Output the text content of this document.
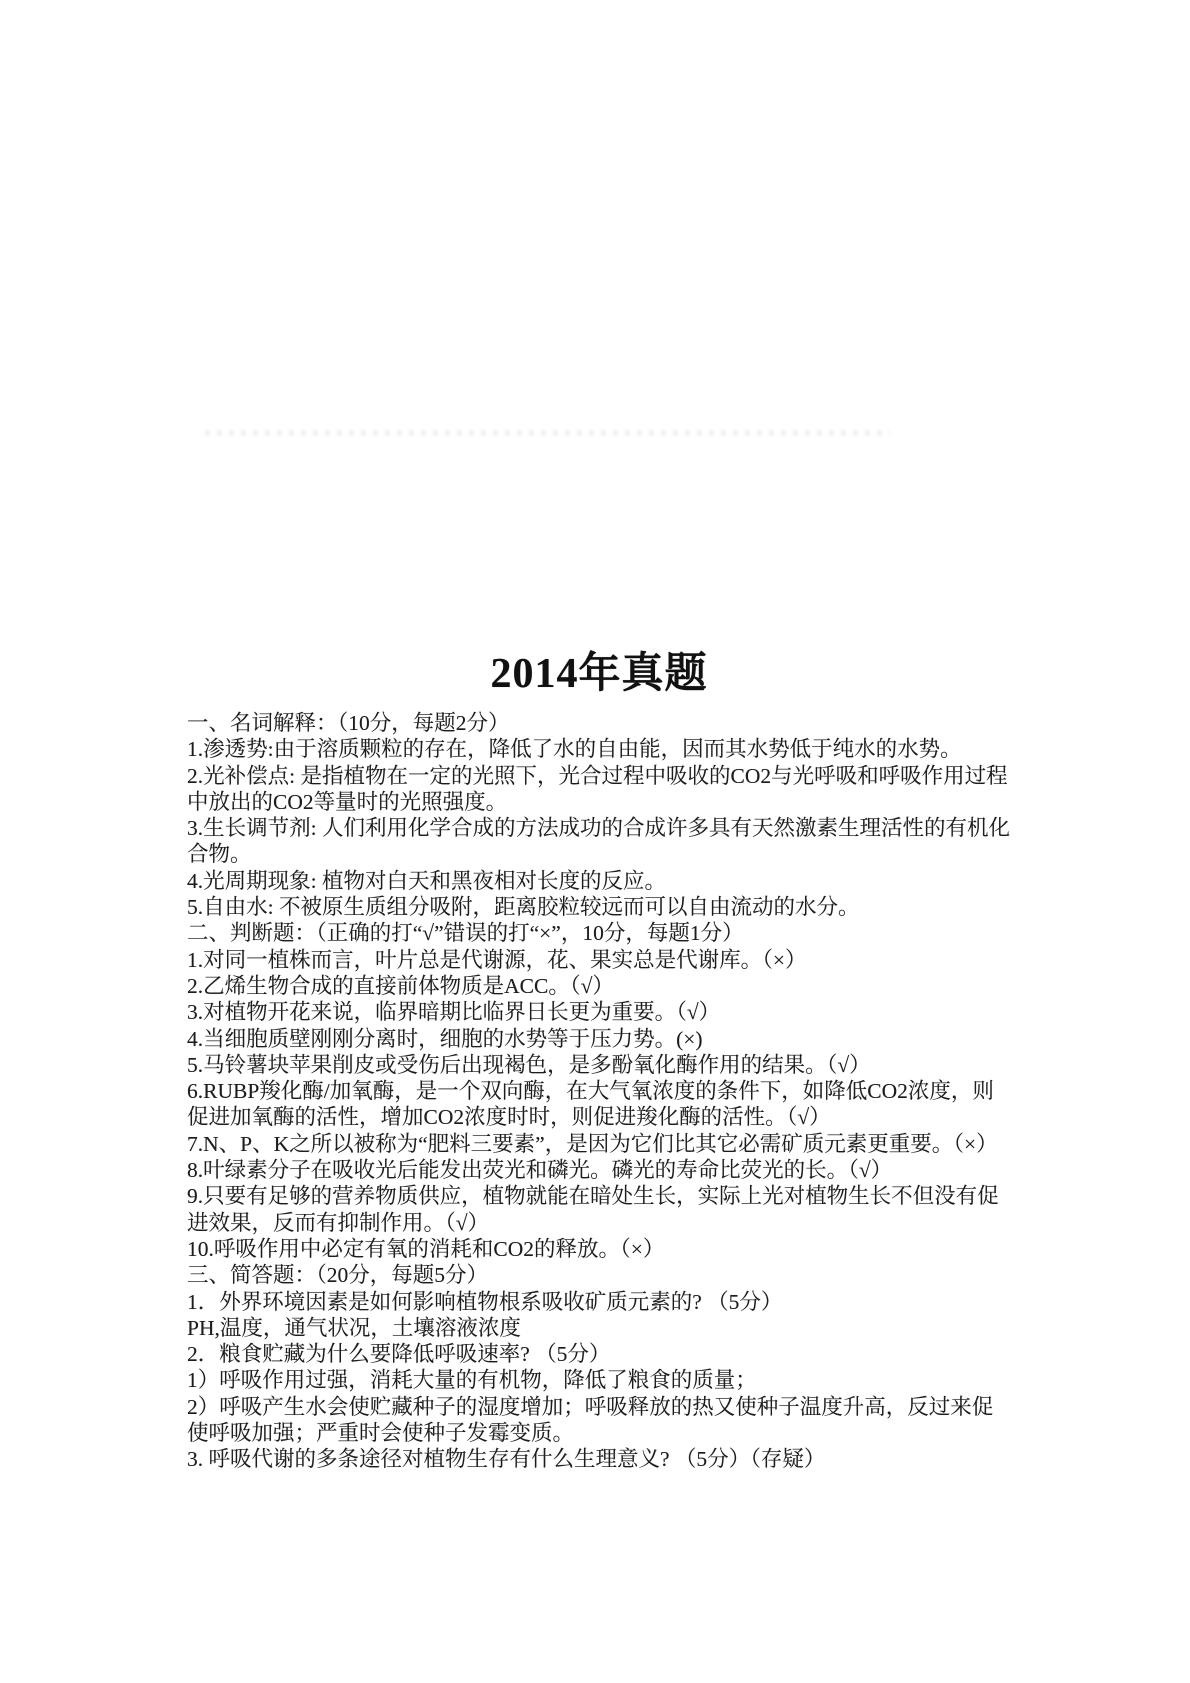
2014年真题

一、名词解释：（10分，每题2分）

1.渗透势:由于溶质颗粒的存在，降低了水的自由能，因而其水势低于纯水的水势。

2.光补偿点: 是指植物在一定的光照下，光合过程中吸收的CO2与光呼吸和呼吸作用过程中放出的CO2等量时的光照强度。

3.生长调节剂: 人们利用化学合成的方法成功的合成许多具有天然激素生理活性的有机化合物。

4.光周期现象: 植物对白天和黑夜相对长度的反应。

5.自由水: 不被原生质组分吸附，距离胶粒较远而可以自由流动的水分。

二、判断题：（正确的打“√”错误的打“×”，10分，每题1分）

1.对同一植株而言，叶片总是代谢源，花、果实总是代谢库。（×）

2.乙烯生物合成的直接前体物质是ACC。（√）

3.对植物开花来说，临界暗期比临界日长更为重要。（√）

4.当细胞质壁刚刚分离时，细胞的水势等于压力势。(×)

5.马铃薯块苹果削皮或受伤后出现褐色，是多酚氧化酶作用的结果。（√）

6.RUBP羧化酶/加氧酶，是一个双向酶，在大气氧浓度的条件下，如降低CO2浓度，则促进加氧酶的活性，增加CO2浓度时时，则促进羧化酶的活性。（√）

7.N、P、K之所以被称为“肥料三要素”，是因为它们比其它必需矿质元素更重要。（×）

8.叶绿素分子在吸收光后能发出荧光和磷光。磷光的寿命比荧光的长。（√）

9.只要有足够的营养物质供应，植物就能在暗处生长，实际上光对植物生长不但没有促进效果，反而有抑制作用。（√）

10.呼吸作用中必定有氧的消耗和CO2的释放。（×）

三、简答题：（20分，每题5分）

1．外界环境因素是如何影响植物根系吸收矿质元素的? （5分）

PH,温度，通气状况，土壤溶液浓度

2．粮食贮藏为什么要降低呼吸速率? （5分）

1）呼吸作用过强，消耗大量的有机物，降低了粮食的质量；

2）呼吸产生水会使贮藏种子的湿度增加；呼吸释放的热又使种子温度升高，反过来促使呼吸加强；严重时会使种子发霉变质。

3. 呼吸代谢的多条途径对植物生存有什么生理意义? （5分）（存疑）
